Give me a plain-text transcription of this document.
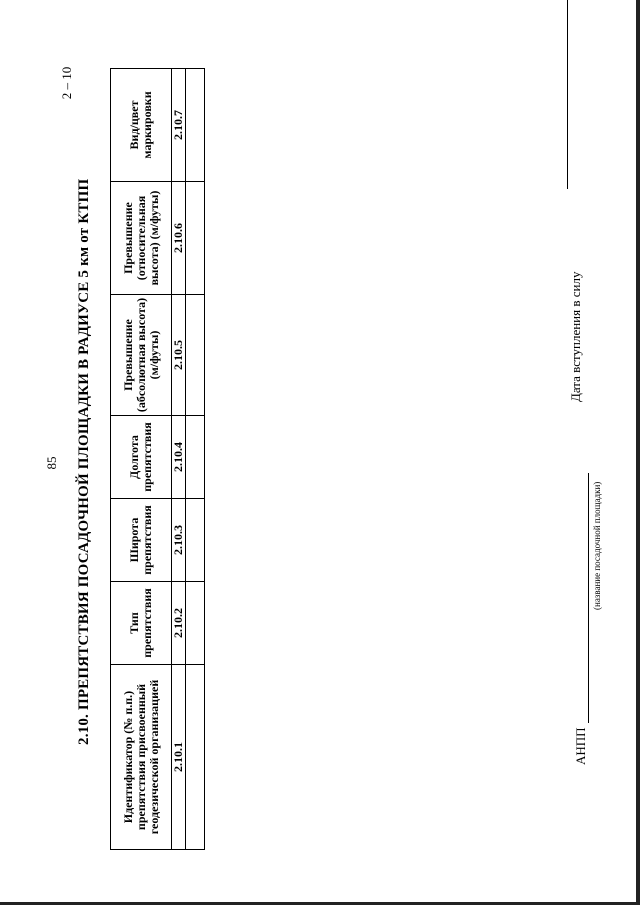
85
2 – 10
2.10. ПРЕПЯТСТВИЯ ПОСАДОЧНОЙ ПЛОЩАДКИ В РАДИУСЕ 5 км от КТПП
Идентификатор (№ п.п.) препятствия присвоенный геодезической организацией	Тип препятствия	Широта препятствия	Долгота препятствия	Превышение (абсолютная высота) (м/футы)	Превышение (относительная высота) (м/футы)	Вид/цвет маркировки
2.10.1	2.10.2	2.10.3	2.10.4	2.10.5	2.10.6	2.10.7

АНПП
(название посадочной площадки)
Дата вступления в силу
